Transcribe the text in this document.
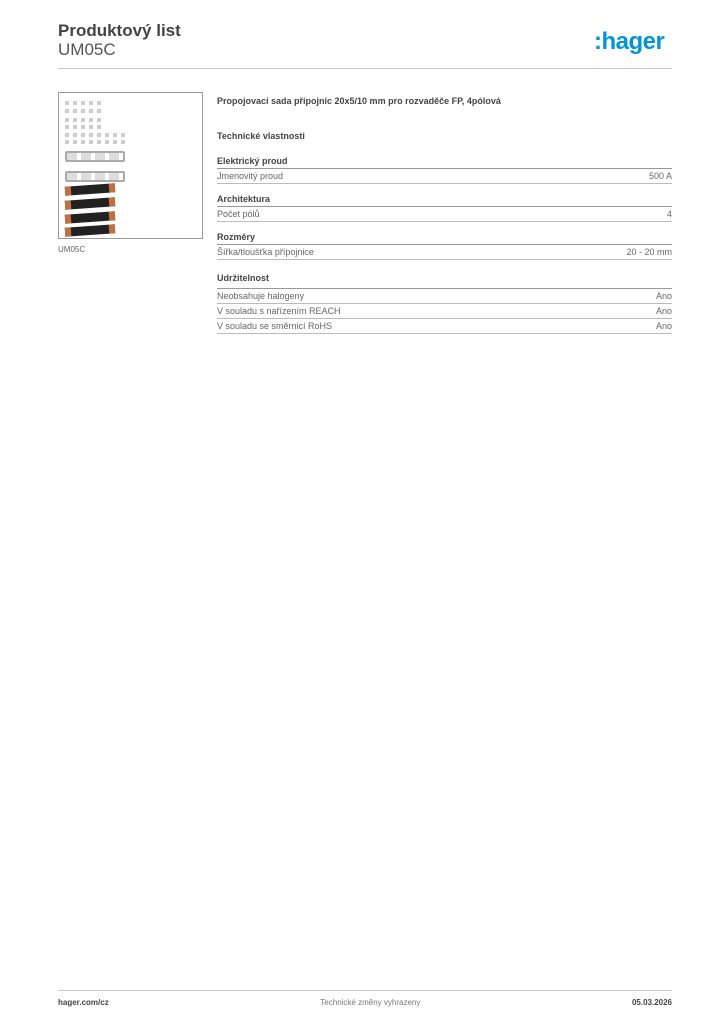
Produktový list
UM05C	:hager
UM05C
Propojovací sada přípojnic 20x5/10 mm pro rozvaděče FP, 4pólová
Technické vlastnosti
Elektrický proud
Jmenovitý proud	500 A
Architektura
Počet pólů	4
Rozměry
Šířka/tloušťka přípojnice	20 - 20 mm
Udržitelnost
Neobsahuje halogeny	Ano
V souladu s nařízením REACH	Ano
V souladu se směrnicí RoHS	Ano
hager.com/cz	Technické změny vyhrazeny	05.03.2026
